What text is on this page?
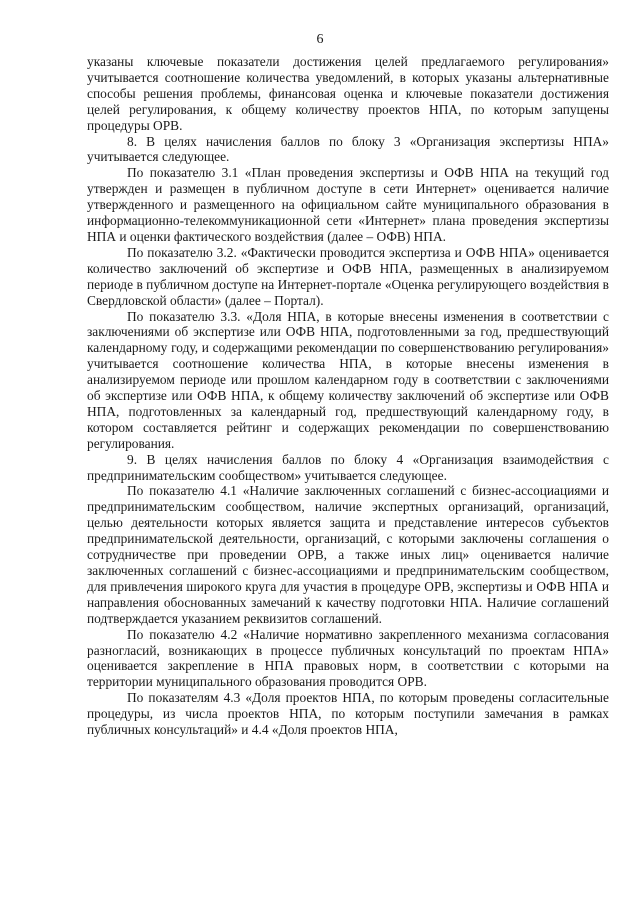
6

указаны ключевые показатели достижения целей предлагаемого регулирования» учитывается соотношение количества уведомлений, в которых указаны альтернативные способы решения проблемы, финансовая оценка и ключевые показатели достижения целей регулирования, к общему количеству проектов НПА, по которым запущены процедуры ОРВ.

8. В целях начисления баллов по блоку 3 «Организация экспертизы НПА» учитывается следующее.

По показателю 3.1 «План проведения экспертизы и ОФВ НПА на текущий год утвержден и размещен в публичном доступе в сети Интернет» оценивается наличие утвержденного и размещенного на официальном сайте муниципального образования в информационно-телекоммуникационной сети «Интернет» плана проведения экспертизы НПА и оценки фактического воздействия (далее – ОФВ) НПА.

По показателю 3.2. «Фактически проводится экспертиза и ОФВ НПА» оценивается количество заключений об экспертизе и ОФВ НПА, размещенных в анализируемом периоде в публичном доступе на Интернет-портале «Оценка регулирующего воздействия в Свердловской области» (далее – Портал).

По показателю 3.3. «Доля НПА, в которые внесены изменения в соответствии с заключениями об экспертизе или ОФВ НПА, подготовленными за год, предшествующий календарному году, и содержащими рекомендации по совершенствованию регулирования» учитывается соотношение количества НПА, в которые внесены изменения в анализируемом периоде или прошлом календарном году в соответствии с заключениями об экспертизе или ОФВ НПА, к общему количеству заключений об экспертизе или ОФВ НПА, подготовленных за календарный год, предшествующий календарному году, в котором составляется рейтинг и содержащих рекомендации по совершенствованию регулирования.

9. В целях начисления баллов по блоку 4 «Организация взаимодействия с предпринимательским сообществом» учитывается следующее.

По показателю 4.1 «Наличие заключенных соглашений с бизнес-ассоциациями и предпринимательским сообществом, наличие экспертных организаций, организаций, целью деятельности которых является защита и представление интересов субъектов предпринимательской деятельности, организаций, с которыми заключены соглашения о сотрудничестве при проведении ОРВ, а также иных лиц» оценивается наличие заключенных соглашений с бизнес-ассоциациями и предпринимательским сообществом, для привлечения широкого круга для участия в процедуре ОРВ, экспертизы и ОФВ НПА и направления обоснованных замечаний к качеству подготовки НПА. Наличие соглашений подтверждается указанием реквизитов соглашений.

По показателю 4.2 «Наличие нормативно закрепленного механизма согласования разногласий, возникающих в процессе публичных консультаций по проектам НПА» оценивается закрепление в НПА правовых норм, в соответствии с которыми на территории муниципального образования проводится ОРВ.

По показателям 4.3 «Доля проектов НПА, по которым проведены согласительные процедуры, из числа проектов НПА, по которым поступили замечания в рамках публичных консультаций» и 4.4 «Доля проектов НПА,
